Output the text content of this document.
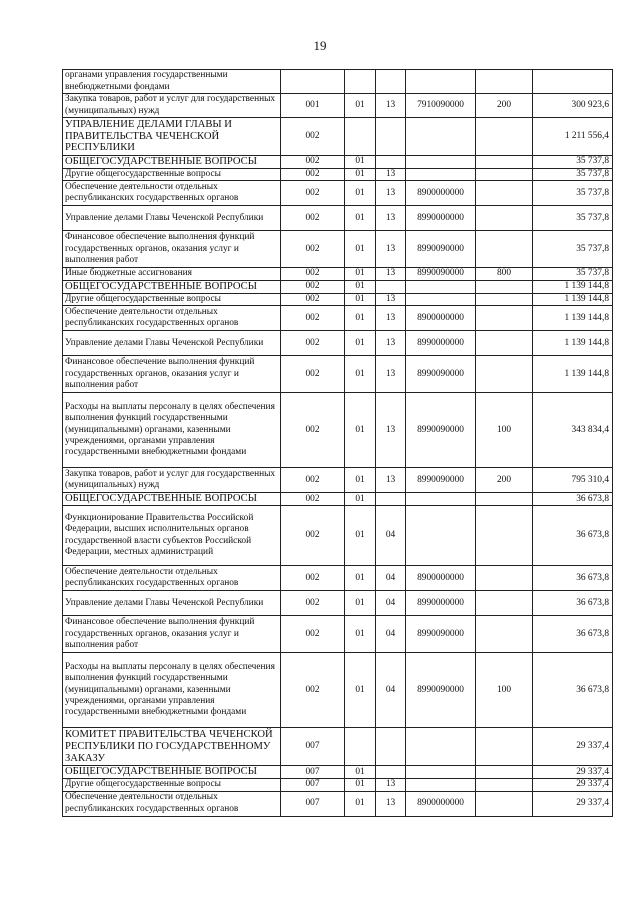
19
органами управления государственными внебюджетными фондами						
Закупка товаров, работ и услуг для государственных (муниципальных) нужд	001	01	13	7910090000	200	300 923,6
УПРАВЛЕНИЕ ДЕЛАМИ ГЛАВЫ И ПРАВИТЕЛЬСТВА ЧЕЧЕНСКОЙ РЕСПУБЛИКИ	002					1 211 556,4
ОБЩЕГОСУДАРСТВЕННЫЕ ВОПРОСЫ	002	01				35 737,8
Другие общегосударственные вопросы	002	01	13			35 737,8
Обеспечение деятельности отдельных республиканских государственных органов	002	01	13	8900000000		35 737,8
Управление делами Главы Чеченской Республики	002	01	13	8990000000		35 737,8
Финансовое обеспечение выполнения функций государственных органов, оказания услуг и выполнения работ	002	01	13	8990090000		35 737,8
Иные бюджетные ассигнования	002	01	13	8990090000	800	35 737,8
ОБЩЕГОСУДАРСТВЕННЫЕ ВОПРОСЫ	002	01				1 139 144,8
Другие общегосударственные вопросы	002	01	13			1 139 144,8
Обеспечение деятельности отдельных республиканских государственных органов	002	01	13	8900000000		1 139 144,8
Управление делами Главы Чеченской Республики	002	01	13	8990000000		1 139 144,8
Финансовое обеспечение выполнения функций государственных органов, оказания услуг и выполнения работ	002	01	13	8990090000		1 139 144,8
Расходы на выплаты персоналу в целях обеспечения выполнения функций государственными (муниципальными) органами, казенными учреждениями, органами управления государственными внебюджетными фондами	002	01	13	8990090000	100	343 834,4
Закупка товаров, работ и услуг для государственных (муниципальных) нужд	002	01	13	8990090000	200	795 310,4
ОБЩЕГОСУДАРСТВЕННЫЕ ВОПРОСЫ	002	01				36 673,8
Функционирование Правительства Российской Федерации, высших исполнительных органов государственной власти субъектов Российской Федерации, местных администраций	002	01	04			36 673,8
Обеспечение деятельности отдельных республиканских государственных органов	002	01	04	8900000000		36 673,8
Управление делами Главы Чеченской Республики	002	01	04	8990000000		36 673,8
Финансовое обеспечение выполнения функций государственных органов, оказания услуг и выполнения работ	002	01	04	8990090000		36 673,8
Расходы на выплаты персоналу в целях обеспечения выполнения функций государственными (муниципальными) органами, казенными учреждениями, органами управления государственными внебюджетными фондами	002	01	04	8990090000	100	36 673,8
КОМИТЕТ ПРАВИТЕЛЬСТВА ЧЕЧЕНСКОЙ РЕСПУБЛИКИ ПО ГОСУДАРСТВЕННОМУ ЗАКАЗУ	007					29 337,4
ОБЩЕГОСУДАРСТВЕННЫЕ ВОПРОСЫ	007	01				29 337,4
Другие общегосударственные вопросы	007	01	13			29 337,4
Обеспечение деятельности отдельных республиканских государственных органов	007	01	13	8900000000		29 337,4
